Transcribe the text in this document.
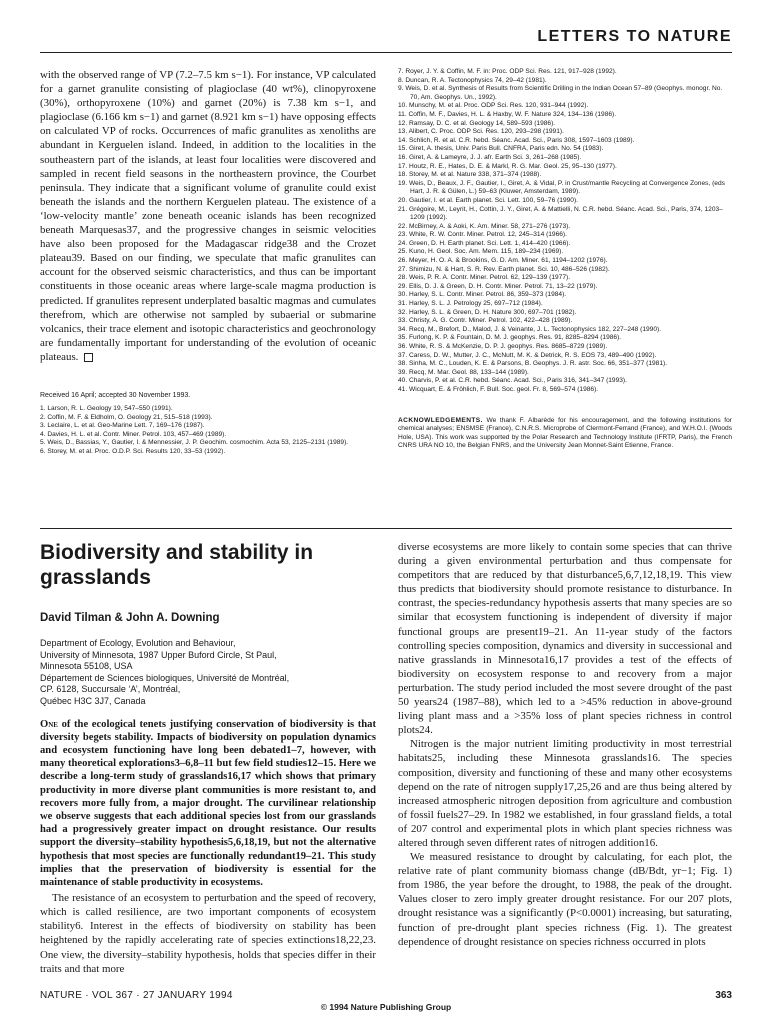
LETTERS TO NATURE

with the observed range of VP (7.2–7.5 km s−1). For instance, VP calculated for a garnet granulite consisting of plagioclase (40 wt%), clinopyroxene (30%), orthopyroxene (10%) and garnet (20%) is 7.38 km s−1, and plagioclase (6.166 km s−1) and garnet (8.921 km s−1) have opposing effects on calculated VP of rocks. Occurrences of mafic granulites as xenoliths are abundant in Kerguelen island. Indeed, in addition to the localities in the southeastern part of the islands, at least four localities were discovered and sampled in recent field seasons in the northeastern province, the Courbet peninsula. They indicate that a significant volume of granulite could exist beneath the islands and the northern Kerguelen plateau. The existence of a ‘low-velocity mantle’ zone beneath oceanic islands has been recognized beneath Marquesas37, and the progressive changes in seismic velocities have also been proposed for the Madagascar ridge38 and the Crozet plateau39. Based on our finding, we speculate that mafic granulites can account for the observed seismic characteristics, and thus can be important constituents in those oceanic areas where large-scale magma production is predicted. If granulites represent underplated basaltic magmas and cumulates therefrom, which are otherwise not sampled by subaerial or submarine volcanics, their trace element and isotopic characteristics and geochronology are fundamentally important for understanding of the evolution of oceanic plateaus.

Received 16 April; accepted 30 November 1993.

1. Larson, R. L. Geology 19, 547–550 (1991).
2. Coffin, M. F. & Eldholm, O. Geology 21, 515–518 (1993).
3. Leclaire, L. et al. Geo-Marine Lett. 7, 169–176 (1987).
4. Davies, H. L. et al. Contr. Miner. Petrol. 103, 457–469 (1989).
5. Weis, D., Bassias, Y., Gautier, I. & Mennessier, J. P. Geochim. cosmochim. Acta 53, 2125–2131 (1989).
6. Storey, M. et al. Proc. O.D.P. Sci. Results 120, 33–53 (1992).
7. Royer, J. Y. & Coffin, M. F. in: Proc. ODP Sci. Res. 121, 917–928 (1992).
8. Duncan, R. A. Tectonophysics 74, 29–42 (1981).
9. Weis, D. et al. Synthesis of Results from Scientific Drilling in the Indian Ocean 57–89 (Geophys. monogr. No. 70, Am. Geophys. Un., 1992).
10. Munschy, M. et al. Proc. ODP Sci. Res. 120, 931–944 (1992).
11. Coffin, M. F., Davies, H. L. & Haxby, W. F. Nature 324, 134–136 (1986).
12. Ramsay, D. C. et al. Geology 14, 589–593 (1986).
13. Alibert, C. Proc. ODP Sci. Res. 120, 293–298 (1991).
14. Schlich, R. et al. C.R. hebd. Séanc. Acad. Sci., Paris 308, 1597–1603 (1989).
15. Giret, A. thesis, Univ. Paris Bull. CNFRA, Paris edn. No. 54 (1983).
16. Giret, A. & Lameyre, J. J. afr. Earth Sci. 3, 261–268 (1985).
17. Houtz, R. E., Hates, D. E. & Markl, R. G. Mar. Geol. 25, 95–130 (1977).
18. Storey, M. et al. Nature 338, 371–374 (1988).
19. Weis, D., Beaux, J. F., Gautier, I., Giret, A. & Vidal, P. in Crust/mantle Recycling at Convergence Zones, (eds Hart, J. R. & Gülen, L.) 59–63 (Kluwer, Amsterdam, 1989).
20. Gautier, I. et al. Earth planet. Sci. Lett. 100, 59–76 (1990).
21. Grégoire, M., Leyrit, H., Cottin, J. Y., Giret, A. & Mattielli, N. C.R. hebd. Séanc. Acad. Sci., Paris, 374, 1203–1209 (1992).
22. McBirney, A. & Aoki, K. Am. Miner. 58, 271–276 (1973).
23. White, R. W. Contr. Miner. Petrol. 12, 245–314 (1966).
24. Green, D. H. Earth planet. Sci. Lett. 1, 414–420 (1966).
25. Kuno, H. Geol. Soc. Am. Mem. 115, 189–234 (1969).
26. Meyer, H. O. A. & Brookins, G. D. Am. Miner. 61, 1194–1202 (1976).
27. Shimizu, N. & Hart, S. R. Rev. Earth planet. Sci. 10, 486–526 (1982).
28. Weis, P. R. A. Contr. Miner. Petrol. 62, 129–139 (1977).
29. Ellis, D. J. & Green, D. H. Contr. Miner. Petrol. 71, 13–22 (1979).
30. Harley, S. L. Contr. Miner. Petrol. 86, 359–373 (1984).
31. Harley, S. L. J. Petrology 25, 697–712 (1984).
32. Harley, S. L. & Green, D. H. Nature 300, 697–701 (1982).
33. Christy, A. G. Contr. Miner. Petrol. 102, 422–428 (1989).
34. Recq, M., Brefort, D., Malod, J. & Veinante, J. L. Tectonophysics 182, 227–248 (1990).
35. Furlong, K. P. & Fountain, D. M. J. geophys. Res. 91, 8285–8294 (1986).
36. White, R. S. & McKenzie, D. P. J. geophys. Res. 8685–8729 (1989).
37. Caress, D. W., Mutter, J. C., McNutt, M. K. & Detrick, R. S. EOS 73, 489–490 (1992).
38. Sinha, M. C., Louden, K. E. & Parsons, B. Geophys. J. R. astr. Soc. 66, 351–377 (1981).
39. Recq, M. Mar. Geol. 88, 133–144 (1989).
40. Charvis, P. et al. C.R. hebd. Séanc. Acad. Sci., Paris 316, 341–347 (1993).
41. Wicquart, E. & Fröhlich, F. Bull. Soc. geol. Fr. 8, 569–574 (1986).

ACKNOWLEDGEMENTS. We thank F. Albarède for his encouragement, and the following institutions for chemical analyses; ENSMSE (France), C.N.R.S. Microprobe of Clermont-Ferrand (France), and W.H.O.I. (Woods Hole, USA). This work was supported by the Polar Research and Technology Institute (IFRTP, Paris), the French CNRS URA NO 10, the Belgian FNRS, and the University Jean Monnet-Saint Etienne, France.

Biodiversity and stability in grasslands

David Tilman & John A. Downing

Department of Ecology, Evolution and Behaviour,

University of Minnesota, 1987 Upper Buford Circle, St Paul,

Minnesota 55108, USA

Département de Sciences biologiques, Université de Montréal,

CP. 6128, Succursale ‘A’, Montréal,

Québec H3C 3J7, Canada

One of the ecological tenets justifying conservation of biodiversity is that diversity begets stability. Impacts of biodiversity on population dynamics and ecosystem functioning have long been debated1–7, however, with many theoretical explorations3–6,8–11 but few field studies12–15. Here we describe a long-term study of grasslands16,17 which shows that primary productivity in more diverse plant communities is more resistant to, and recovers more fully from, a major drought. The curvilinear relationship we observe suggests that each additional species lost from our grasslands had a progressively greater impact on drought resistance. Our results support the diversity–stability hypothesis5,6,18,19, but not the alternative hypothesis that most species are functionally redundant19–21. This study implies that the preservation of biodiversity is essential for the maintenance of stable productivity in ecosystems.

The resistance of an ecosystem to perturbation and the speed of recovery, which is called resilience, are two important components of ecosystem stability6. Interest in the effects of biodiversity on stability has been heightened by the rapidly accelerating rate of species extinctions18,22,23. One view, the diversity–stability hypothesis, holds that species differ in their traits and that more

diverse ecosystems are more likely to contain some species that can thrive during a given environmental perturbation and thus compensate for competitors that are reduced by that disturbance5,6,7,12,18,19. This view thus predicts that biodiversity should promote resistance to disturbance. In contrast, the species-redundancy hypothesis asserts that many species are so similar that ecosystem functioning is independent of diversity if major functional groups are present19–21. An 11-year study of the factors controlling species composition, dynamics and diversity in successional and native grasslands in Minnesota16,17 provides a test of the effects of biodiversity on ecosystem response to and recovery from a major perturbation. The study period included the most severe drought of the past 50 years24 (1987–88), which led to a >45% reduction in above-ground living plant mass and a >35% loss of plant species richness in control plots24.

Nitrogen is the major nutrient limiting productivity in most terrestrial habitats25, including these Minnesota grasslands16. The species composition, diversity and functioning of these and many other ecosystems depend on the rate of nitrogen supply17,25,26 and are thus being altered by increased atmospheric nitrogen deposition from agriculture and combustion of fossil fuels27–29. In 1982 we established, in four grassland fields, a total of 207 control and experimental plots in which plant species richness was altered through seven different rates of nitrogen addition16.

We measured resistance to drought by calculating, for each plot, the relative rate of plant community biomass change (dB/Bdt, yr−1; Fig. 1) from 1986, the year before the drought, to 1988, the peak of the drought. Values closer to zero imply greater drought resistance. For our 207 plots, drought resistance was a significantly (P<0.0001) increasing, but saturating, function of pre-drought plant species richness (Fig. 1). The greatest dependence of drought resistance on species richness occurred in plots

NATURE · VOL 367 · 27 JANUARY 1994
© 1994 Nature Publishing Group
363
